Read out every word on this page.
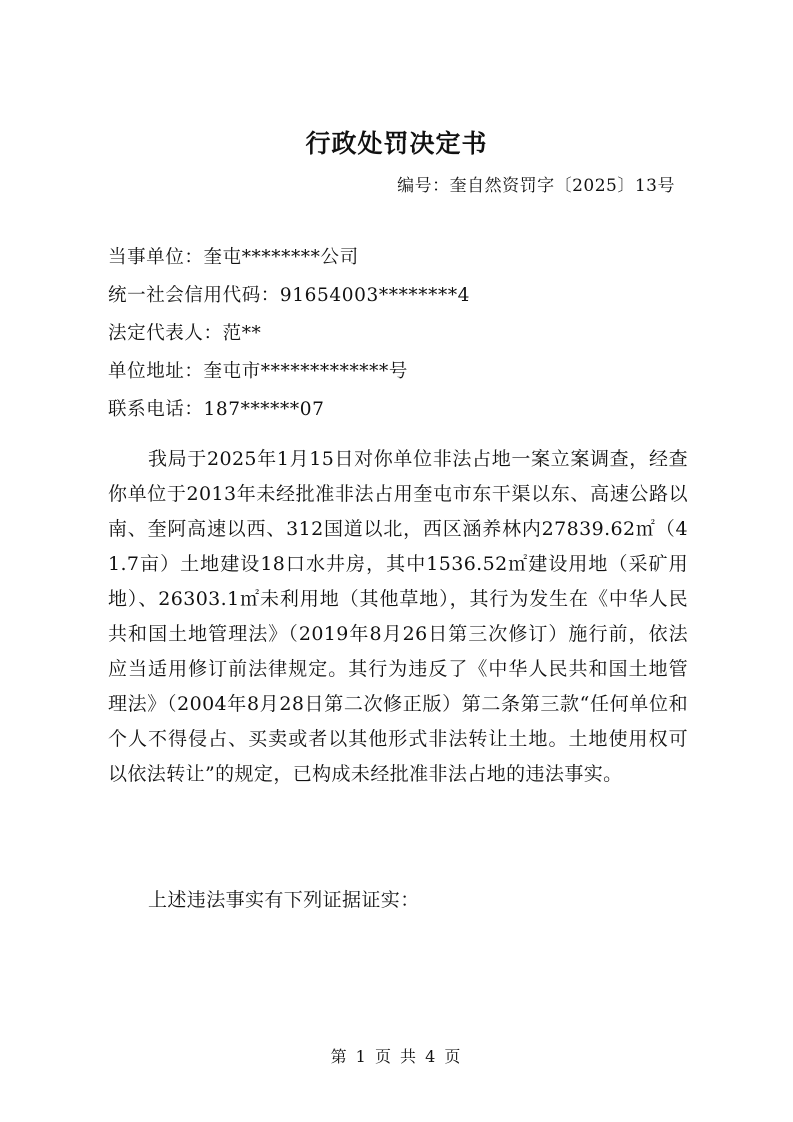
行政处罚决定书
编号：奎自然资罚字〔2025〕13号
当事单位：奎屯********公司
统一社会信用代码：91654003********4
法定代表人：范**
单位地址：奎屯市*************号
联系电话：187******07
我局于2025年1月15日对你单位非法占地一案立案调查，经查你单位于2013年未经批准非法占用奎屯市东干渠以东、高速公路以南、奎阿高速以西、312国道以北，西区涵养林内27839.62㎡（41.7亩）土地建设18口水井房，其中1536.52㎡建设用地（采矿用地）、26303.1㎡未利用地（其他草地），其行为发生在《中华人民共和国土地管理法》（2019年8月26日第三次修订）施行前，依法应当适用修订前法律规定。其行为违反了《中华人民共和国土地管理法》（2004年8月28日第二次修正版）第二条第三款“任何单位和个人不得侵占、买卖或者以其他形式非法转让土地。土地使用权可以依法转让”的规定，已构成未经批准非法占地的违法事实。
上述违法事实有下列证据证实：
第 1 页 共 4 页
